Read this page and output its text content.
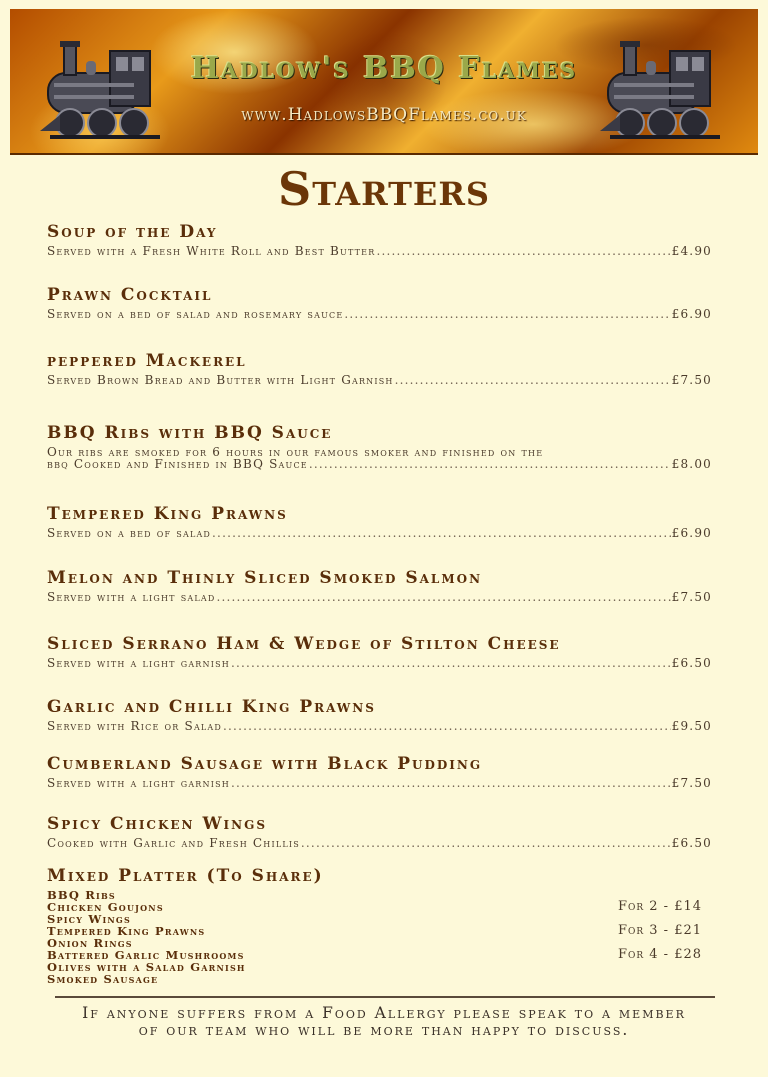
Hadlow's BBQ Flames
www.HadlowsBBQFlames.co.uk
Starters
Soup of the Day
Served with a Fresh White Roll and Best Butter .....	£4.90
Prawn Cocktail
Served on a bed of salad and rosemary sauce .....	£6.90
peppered Mackerel
Served Brown Bread and Butter with Light Garnish .....	£7.50
BBQ Ribs with BBQ Sauce
Our ribs are smoked for 6 hours in our famous smoker and finished on the
bbq Cooked and Finished in BBQ Sauce .....	£8.00
Tempered King Prawns
Served on a bed of salad .....	£6.90
Melon and Thinly Sliced Smoked Salmon
Served with a light salad .....	£7.50
Sliced Serrano Ham & Wedge of Stilton Cheese
Served with a light garnish .....	£6.50
Garlic and Chilli King Prawns
Served with Rice or Salad .....	£9.50
Cumberland Sausage with Black Pudding
Served with a light garnish .....	£7.50
Spicy Chicken Wings
Cooked with Garlic and Fresh Chillis .....	£6.50
Mixed Platter (To Share)
BBQ Ribs
Chicken Goujons
Spicy Wings
Tempered King Prawns
Onion Rings
Battered Garlic Mushrooms
Olives with a Salad Garnish
Smoked Sausage
For 2 - £14
For 3 - £21
For 4 - £28
If anyone suffers from a Food Allergy please speak to a member
of our team who will be more than happy to discuss.
